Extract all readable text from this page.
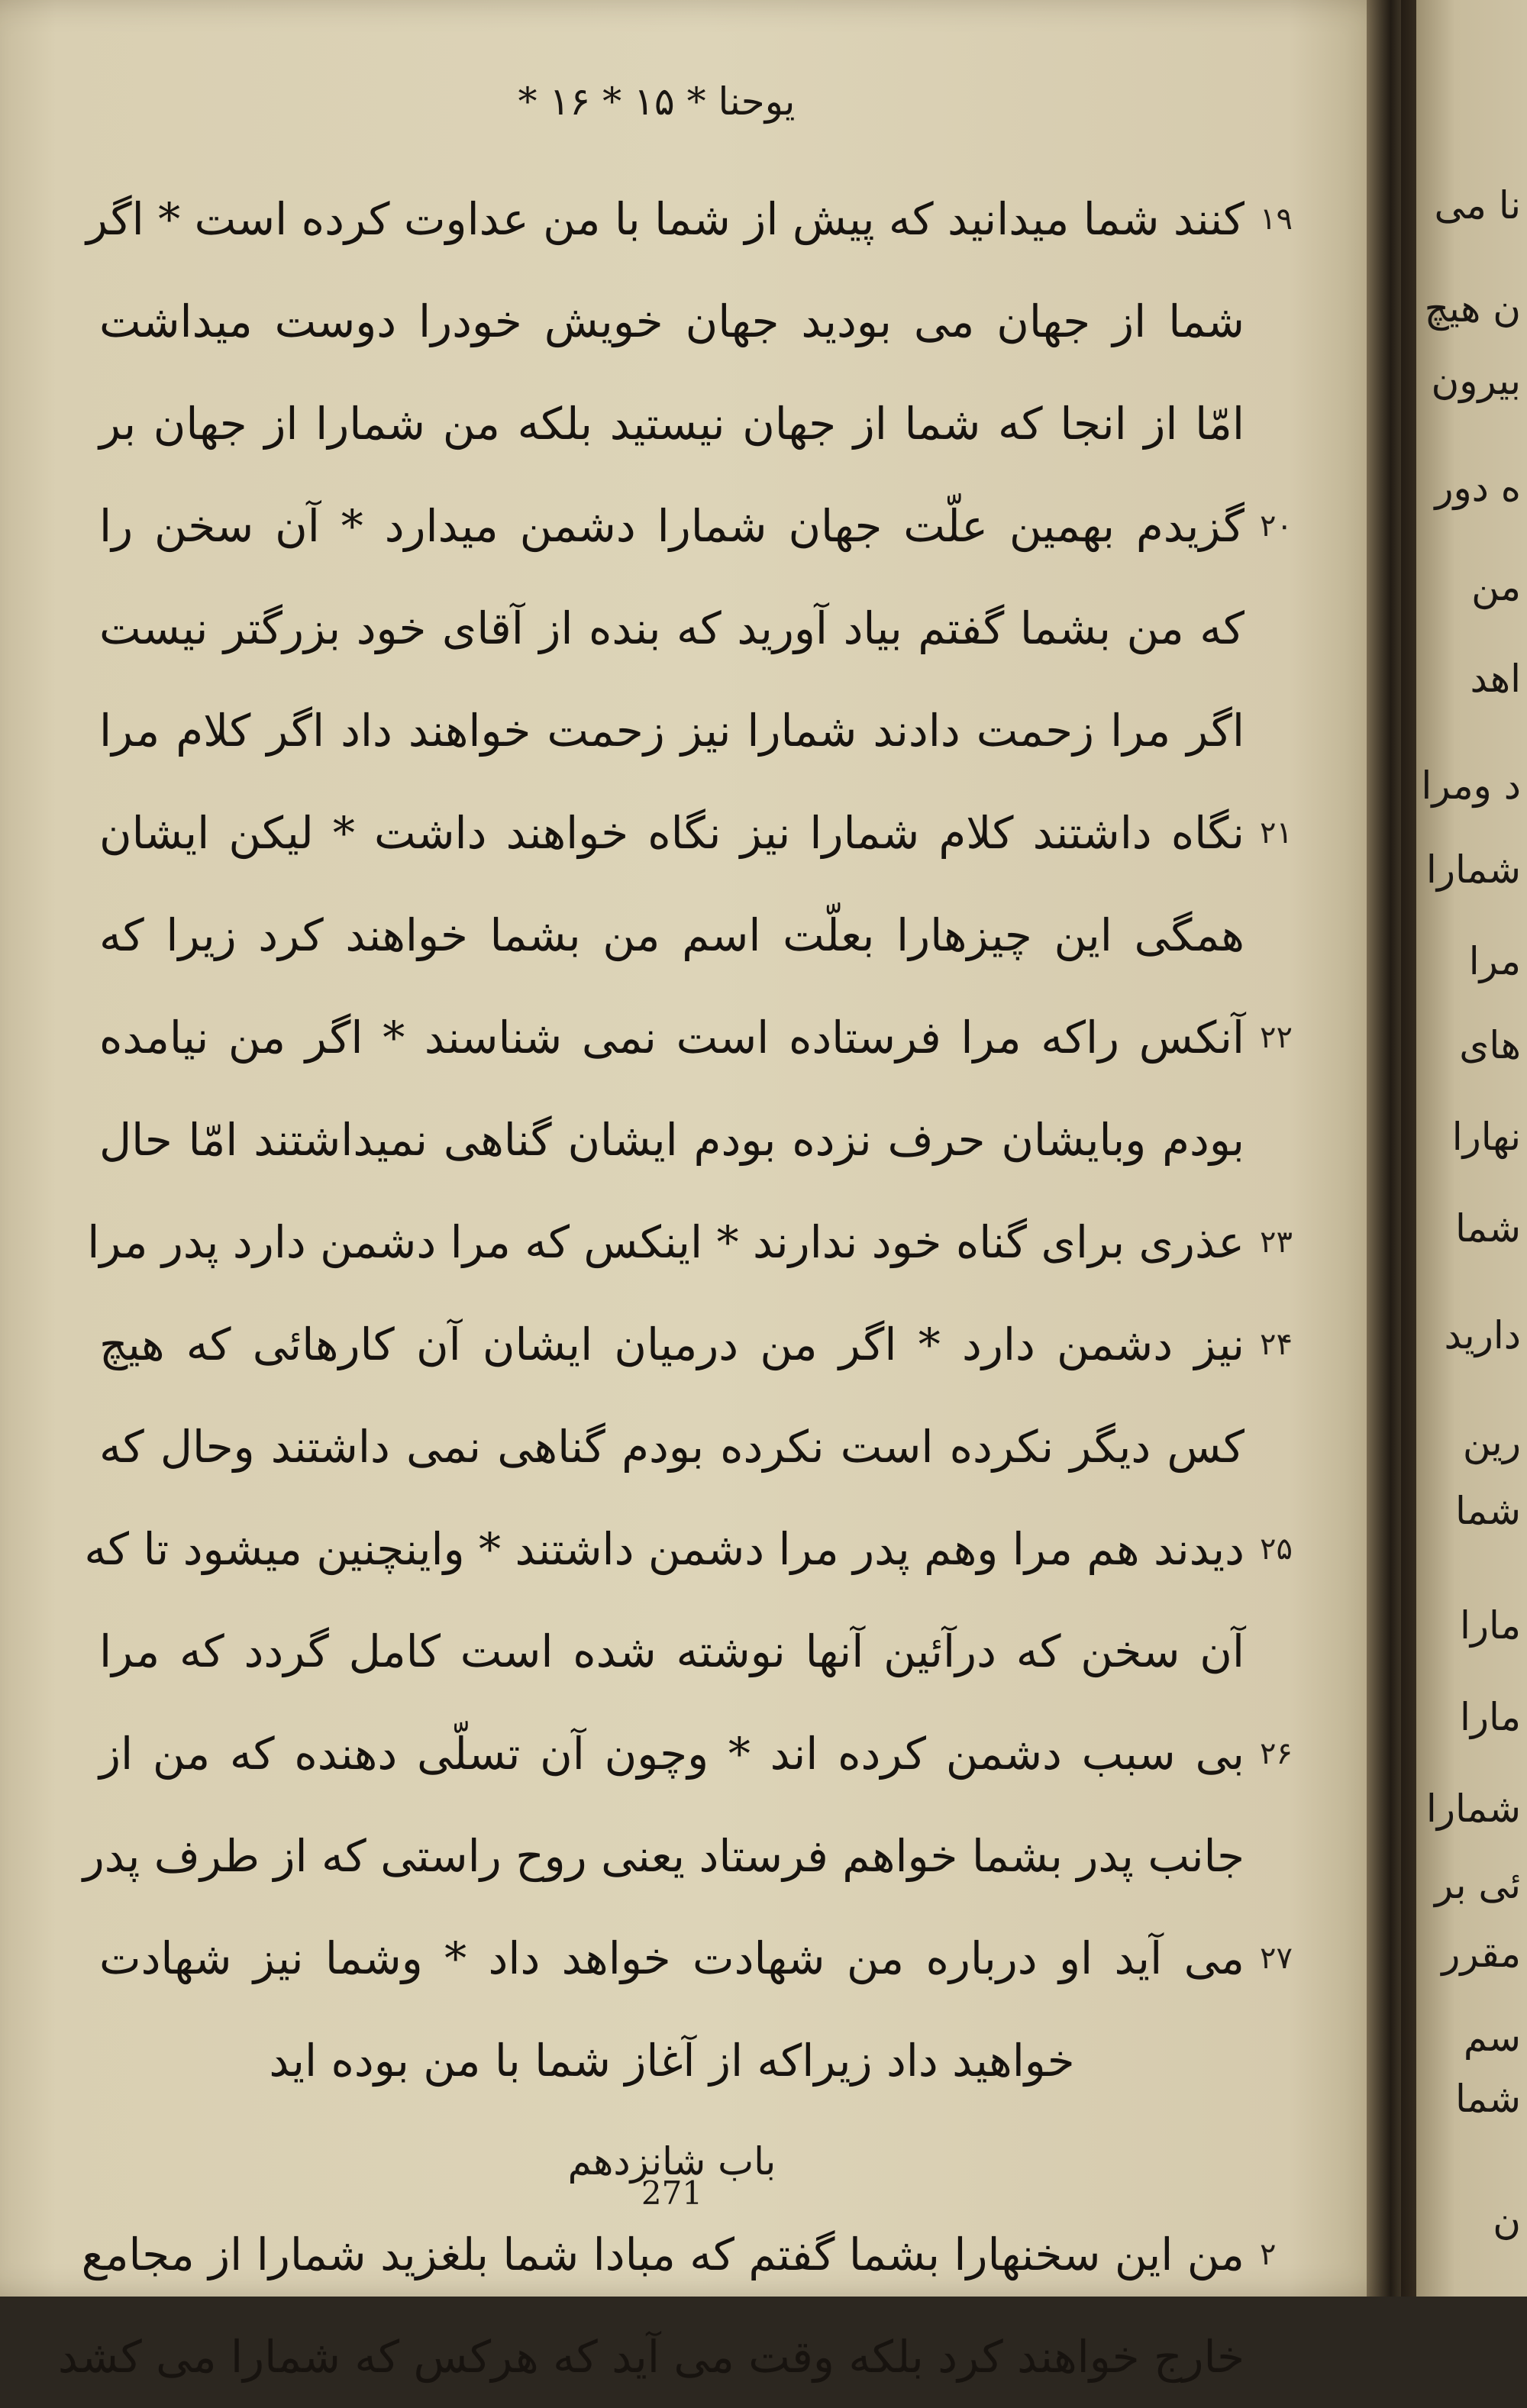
یوحنا * ۱۵ * ۱۶ *
۱۹
کنند شما میدانید که پیش از شما با من عداوت کرده است * اگر
شما از جهان می بودید جهان خویش خودرا دوست میداشت
امّا از انجا که شما از جهان نیستید بلکه من شمارا از جهان بر
۲۰
گزیدم بهمین علّت جهان شمارا دشمن میدارد * آن سخن را
که من بشما گفتم بیاد آورید که بنده از آقای خود بزرگتر نیست
اگر مرا زحمت دادند شمارا نیز زحمت خواهند داد اگر کلام مرا
۲۱
نگاه داشتند کلام شمارا نیز نگاه خواهند داشت * لیکن ایشان
همگی این چیزهارا بعلّت اسم من بشما خواهند کرد زیرا که
۲۲
آنکس راکه مرا فرستاده است نمی شناسند * اگر من نیامده
بودم وبایشان حرف نزده بودم ایشان گناهی نمیداشتند امّا حال
۲۳
عذری برای گناه خود ندارند * اینکس که مرا دشمن دارد پدر مرا
۲۴
نیز دشمن دارد * اگر من درمیان ایشان آن کارهائی که هیچ
کس دیگر نکرده است نکرده بودم گناهی نمی داشتند وحال که
۲۵
دیدند هم مرا وهم پدر مرا دشمن داشتند * واینچنین میشود تا که
آن سخن که درآئین آنها نوشته شده است کامل گردد که مرا
۲۶
بی سبب دشمن کرده اند * وچون آن تسلّی دهنده که من از
جانب پدر بشما خواهم فرستاد یعنی روح راستی که از طرف پدر
۲۷
می آید او درباره من شهادت خواهد داد * وشما نیز شهادت
خواهید داد زیراکه از آغاز شما با من بوده اید
باب شانزدهم
۲
من این سخنهارا بشما گفتم که مبادا شما بلغزید شمارا از مجامع
خارج خواهند کرد بلکه وقت می آید که هرکس که شمارا می کشد
271
نا می
ن هیچ
بیرون
ه دور
من
اهد
د ومرا
شمارا
مرا
های
نهارا
شما
دارید
رین
شما
مارا
مارا
شمارا
ئی بر
مقرر
سم
شما
ن
